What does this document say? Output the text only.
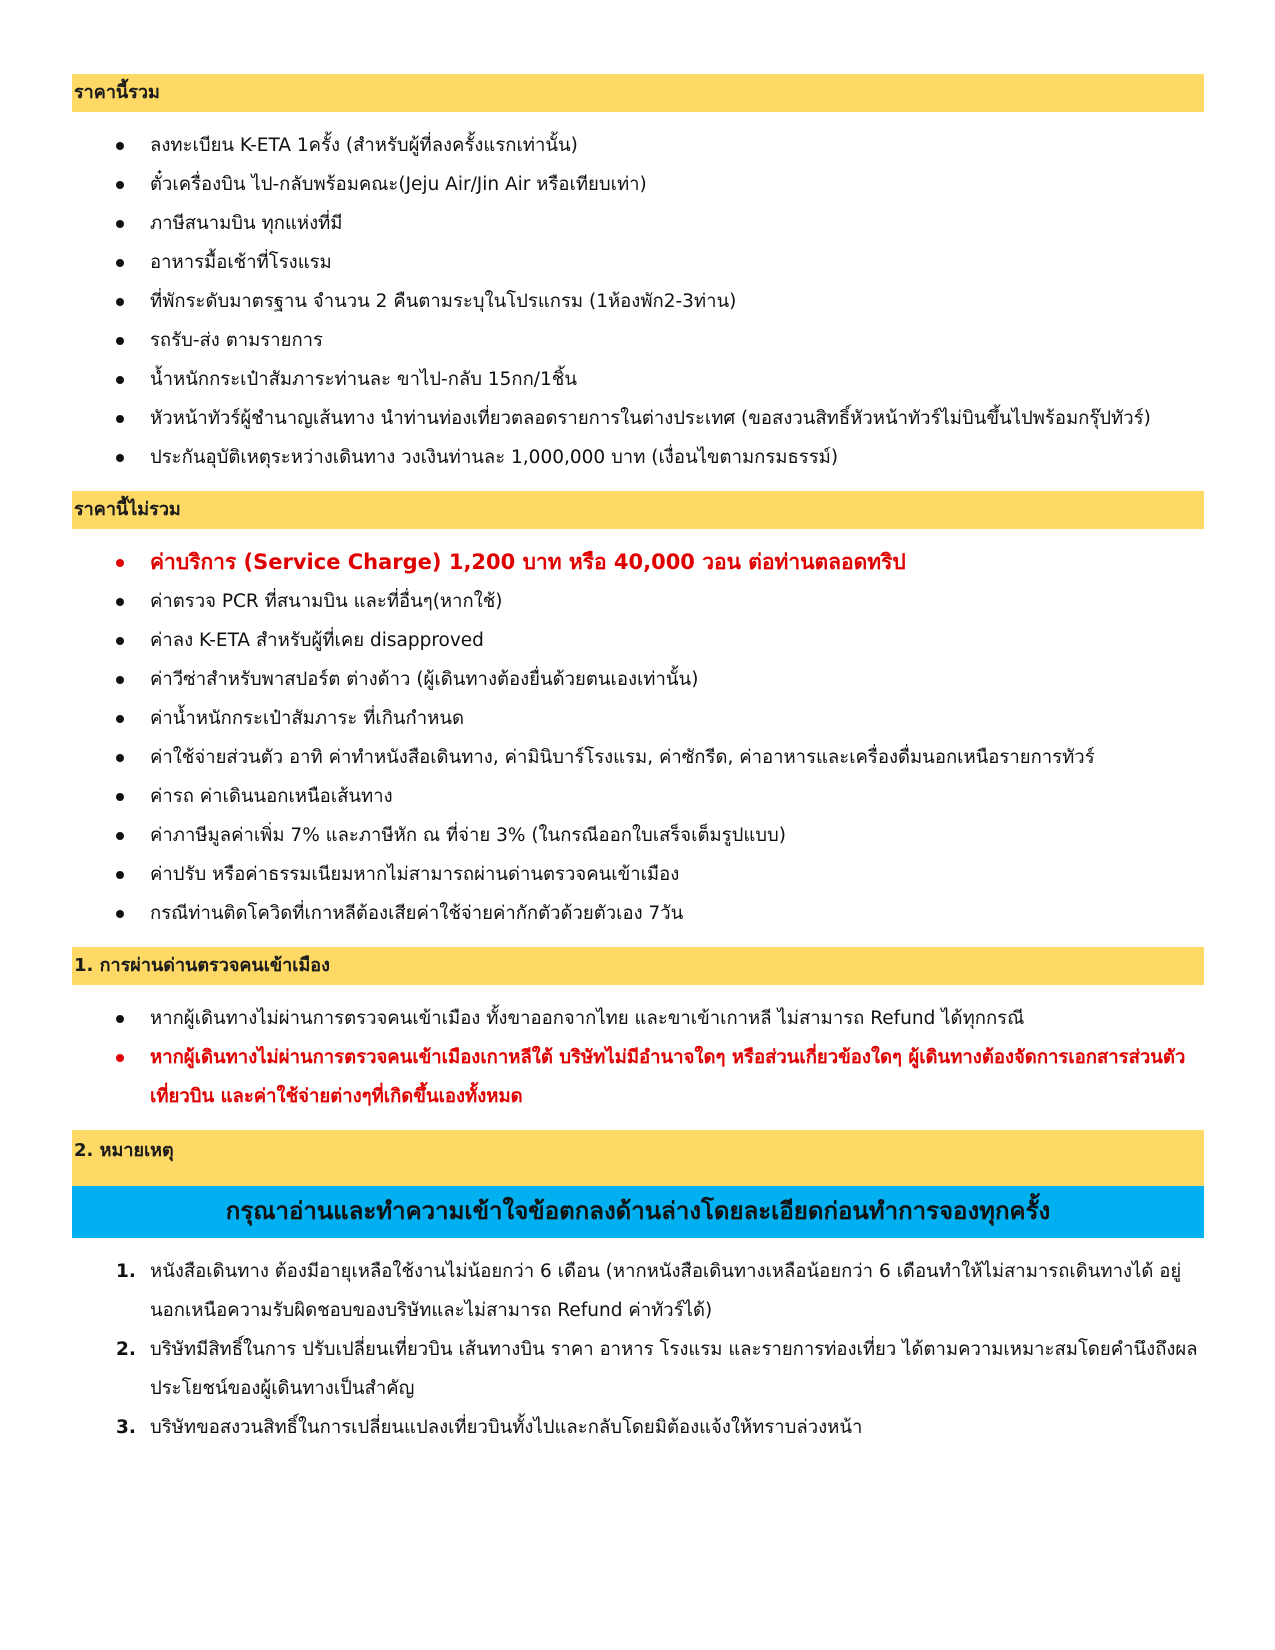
ราคานี้รวม
ลงทะเบียน K-ETA 1ครั้ง (สำหรับผู้ที่ลงครั้งแรกเท่านั้น)
ตั๋วเครื่องบิน ไป-กลับพร้อมคณะ(Jeju Air/Jin Air หรือเทียบเท่า)
ภาษีสนามบิน ทุกแห่งที่มี
อาหารมื้อเช้าที่โรงแรม
ที่พักระดับมาตรฐาน จำนวน 2 คืนตามระบุในโปรแกรม (1ห้องพัก2-3ท่าน)
รถรับ-ส่ง ตามรายการ
น้ำหนักกระเป๋าสัมภาระท่านละ ขาไป-กลับ 15กก/1ชิ้น
หัวหน้าทัวร์ผู้ชำนาญเส้นทาง นำท่านท่องเที่ยวตลอดรายการในต่างประเทศ (ขอสงวนสิทธิ์หัวหน้าทัวร์ไม่บินขึ้นไปพร้อมกรุ๊ปทัวร์)
ประกันอุบัติเหตุระหว่างเดินทาง วงเงินท่านละ 1,000,000 บาท (เงื่อนไขตามกรมธรรม์)
ราคานี้ไม่รวม
ค่าบริการ (Service Charge) 1,200 บาท หรือ 40,000 วอน ต่อท่านตลอดทริป
ค่าตรวจ PCR ที่สนามบิน และที่อื่นๆ(หากใช้)
ค่าลง K-ETA สำหรับผู้ที่เคย disapproved
ค่าวีซ่าสำหรับพาสปอร์ต ต่างด้าว (ผู้เดินทางต้องยื่นด้วยตนเองเท่านั้น)
ค่าน้ำหนักกระเป๋าสัมภาระ ที่เกินกำหนด
ค่าใช้จ่ายส่วนตัว อาทิ ค่าทำหนังสือเดินทาง, ค่ามินิบาร์โรงแรม, ค่าซักรีด, ค่าอาหารและเครื่องดื่มนอกเหนือรายการทัวร์
ค่ารถ ค่าเดินนอกเหนือเส้นทาง
ค่าภาษีมูลค่าเพิ่ม 7% และภาษีหัก ณ ที่จ่าย 3% (ในกรณีออกใบเสร็จเต็มรูปแบบ)
ค่าปรับ หรือค่าธรรมเนียมหากไม่สามารถผ่านด่านตรวจคนเข้าเมือง
กรณีท่านติดโควิดที่เกาหลีต้องเสียค่าใช้จ่ายค่ากักตัวด้วยตัวเอง 7วัน
1. การผ่านด่านตรวจคนเข้าเมือง
หากผู้เดินทางไม่ผ่านการตรวจคนเข้าเมือง ทั้งขาออกจากไทย และขาเข้าเกาหลี ไม่สามารถ Refund ได้ทุกกรณี
หากผู้เดินทางไม่ผ่านการตรวจคนเข้าเมืองเกาหลีใต้ บริษัทไม่มีอำนาจใดๆ หรือส่วนเกี่ยวข้องใดๆ ผู้เดินทางต้องจัดการเอกสารส่วนตัว เที่ยวบิน และค่าใช้จ่ายต่างๆที่เกิดขึ้นเองทั้งหมด
2. หมายเหตุ
กรุณาอ่านและทำความเข้าใจข้อตกลงด้านล่างโดยละเอียดก่อนทำการจองทุกครั้ง
1. หนังสือเดินทาง ต้องมีอายุเหลือใช้งานไม่น้อยกว่า 6 เดือน (หากหนังสือเดินทางเหลือน้อยกว่า 6 เดือนทำให้ไม่สามารถเดินทางได้ อยู่นอกเหนือความรับผิดชอบของบริษัทและไม่สามารถ Refund ค่าทัวร์ได้)
2. บริษัทมีสิทธิ์ในการ ปรับเปลี่ยนเที่ยวบิน เส้นทางบิน ราคา อาหาร โรงแรม และรายการท่องเที่ยว ได้ตามความเหมาะสมโดยคำนึงถึงผลประโยชน์ของผู้เดินทางเป็นสำคัญ
3. บริษัทขอสงวนสิทธิ์ในการเปลี่ยนแปลงเที่ยวบินทั้งไปและกลับโดยมิต้องแจ้งให้ทราบล่วงหน้า
